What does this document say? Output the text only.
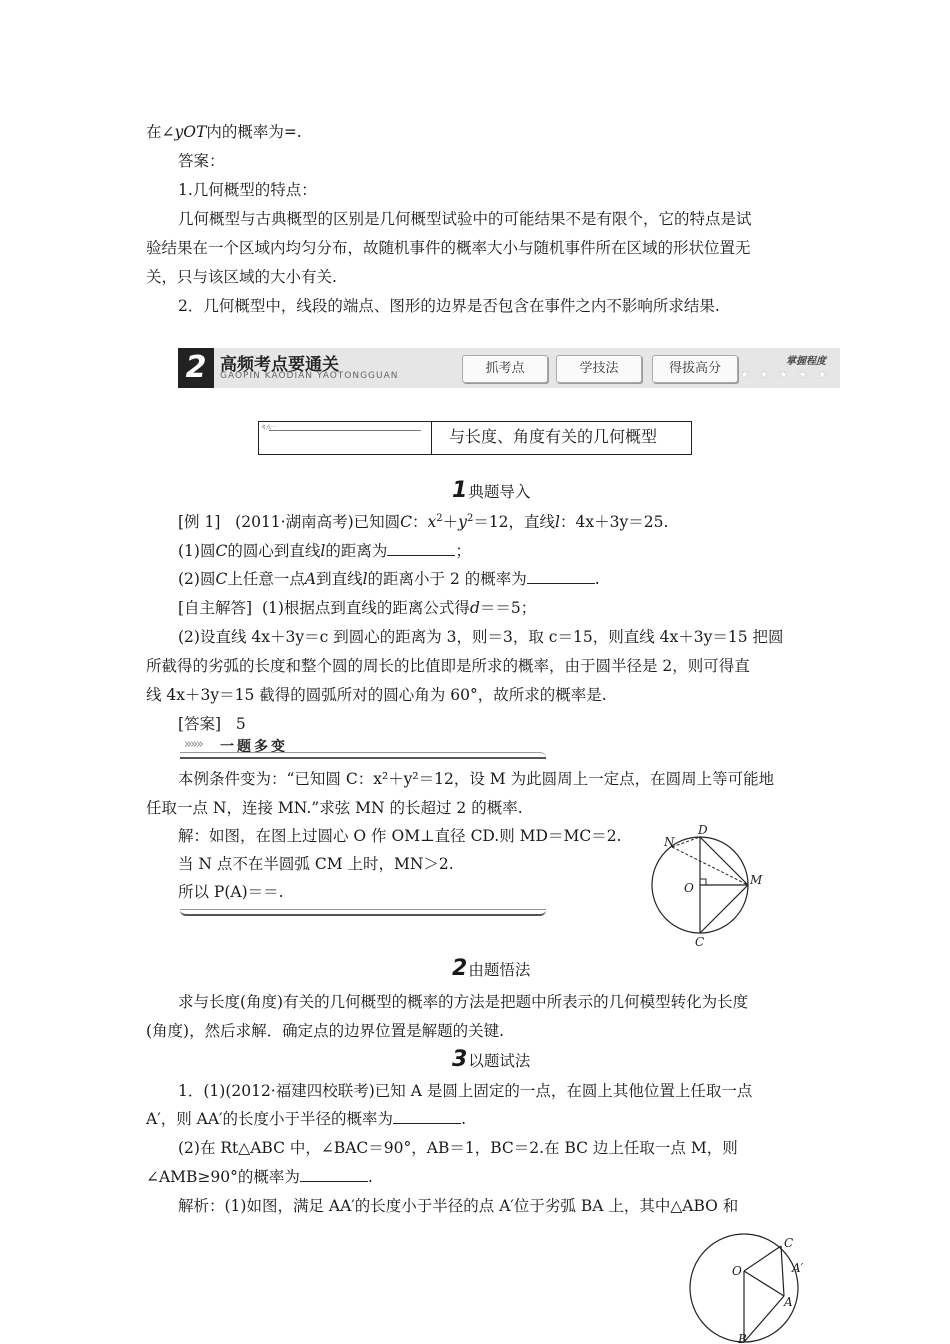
在∠yOT内的概率为=.
答案：
1.几何概型的特点：
几何概型与古典概型的区别是几何概型试验中的可能结果不是有限个，它的特点是试
验结果在一个区域内均匀分布，故随机事件的概率大小与随机事件所在区域的形状位置无
关，只与该区域的大小有关.
2．几何概型中，线段的端点、图形的边界是否包含在事件之内不影响所求结果.
2 高频考点要通关
GAOPIN KAODIAN YAOTONGGUAN	抓考点	学技法	得拔高分	掌握程度
★ ★ ★ ★ ★
考点一	与长度、角度有关的几何概型
1典题导入
[例 1] (2011·湖南高考)已知圆C：$x^2+y^2=12$，直线l：4x＋3y＝25.
(1)圆C的圆心到直线l的距离为	；
(2)圆C上任意一点A到直线l的距离小于 2 的概率为	.
[自主解答] (1)根据点到直线的距离公式得d＝＝5；
(2)设直线 4x＋3y＝c 到圆心的距离为 3，则＝3，取 c＝15，则直线 4x＋3y＝15 把圆
所截得的劣弧的长度和整个圆的周长的比值即是所求的概率，由于圆半径是 2，则可得直
线 4x＋3y＝15 截得的圆弧所对的圆心角为 60°，故所求的概率是.
[答案] 5
»»» 一题多变
本例条件变为：“已知圆 C：x²＋y²＝12，设 M 为此圆周上一定点，在圆周上等可能地
任取一点 N，连接 MN.”求弦 MN 的长超过 2 的概率.
解：如图，在图上过圆心 O 作 OM⊥直径 CD.则 MD＝MC＝2.
当 N 点不在半圆弧 CM 上时，MN＞2.
所以 P(A)＝＝.
N
D
O
M
C
2由题悟法
求与长度(角度)有关的几何概型的概率的方法是把题中所表示的几何模型转化为长度
(角度)，然后求解．确定点的边界位置是解题的关键.
3以题试法
1．(1)(2012·福建四校联考)已知 A 是圆上固定的一点，在圆上其他位置上任取一点
A′，则 AA′的长度小于半径的概率为	.
(2)在 Rt△ABC 中，∠BAC＝90°，AB＝1，BC＝2.在 BC 边上任取一点 M，则
∠AMB≥90°的概率为	.
解析：(1)如图，满足 AA′的长度小于半径的点 A′位于劣弧 BA 上，其中△ABO 和
O
C
A′
A
B
